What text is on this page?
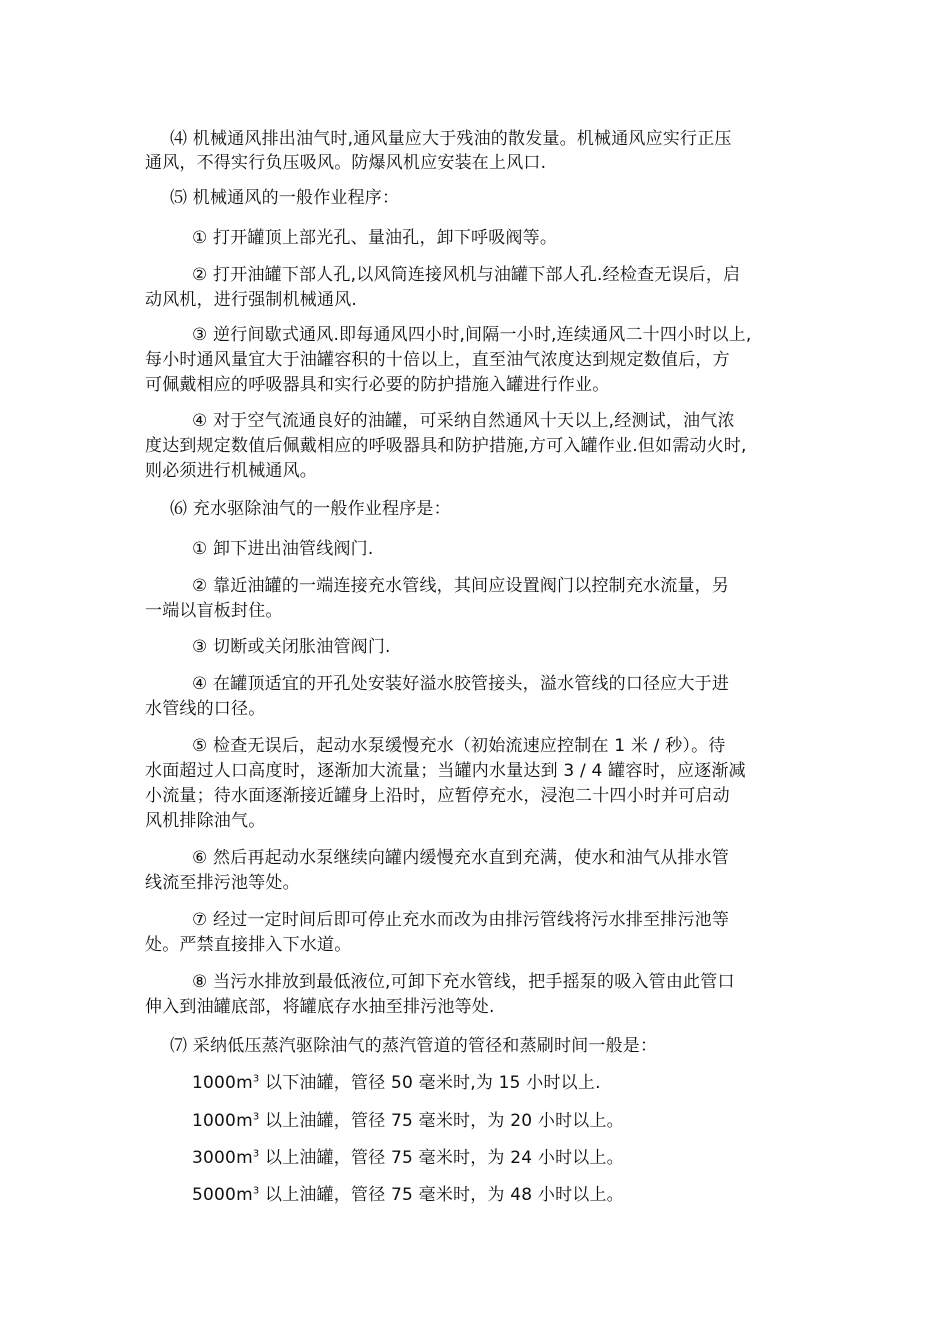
⑷ 机械通风排出油气时,通风量应大于残油的散发量。机械通风应实行正压
通风，不得实行负压吸风。防爆风机应安装在上风口.
⑸ 机械通风的一般作业程序：
① 打开罐顶上部光孔、量油孔，卸下呼吸阀等。
② 打开油罐下部人孔,以风筒连接风机与油罐下部人孔.经检查无误后，启
动风机，进行强制机械通风.
③ 逆行间歇式通风.即每通风四小时,间隔一小时,连续通风二十四小时以上,
每小时通风量宜大于油罐容积的十倍以上，直至油气浓度达到规定数值后，方
可佩戴相应的呼吸器具和实行必要的防护措施入罐进行作业。
④ 对于空气流通良好的油罐，可采纳自然通风十天以上,经测试，油气浓
度达到规定数值后佩戴相应的呼吸器具和防护措施,方可入罐作业.但如需动火时,
则必须进行机械通风。
⑹ 充水驱除油气的一般作业程序是：
① 卸下进出油管线阀门.
② 靠近油罐的一端连接充水管线，其间应设置阀门以控制充水流量，另
一端以盲板封住。
③ 切断或关闭胀油管阀门.
④ 在罐顶适宜的开孔处安装好溢水胶管接头，溢水管线的口径应大于进
水管线的口径。
⑤ 检查无误后，起动水泵缓慢充水（初始流速应控制在 1 米 / 秒）。待
水面超过人口高度时，逐渐加大流量；当罐内水量达到 3 / 4 罐容时，应逐渐减
小流量；待水面逐渐接近罐身上沿时，应暂停充水，浸泡二十四小时并可启动
风机排除油气。
⑥ 然后再起动水泵继续向罐内缓慢充水直到充满，使水和油气从排水管
线流至排污池等处。
⑦ 经过一定时间后即可停止充水而改为由排污管线将污水排至排污池等
处。严禁直接排入下水道。
⑧ 当污水排放到最低液位,可卸下充水管线，把手摇泵的吸入管由此管口
伸入到油罐底部，将罐底存水抽至排污池等处.
⑺ 采纳低压蒸汽驱除油气的蒸汽管道的管径和蒸刷时间一般是：
$1000m^3$ 以下油罐，管径 50 毫米时,为 15 小时以上.
$1000m^3$ 以上油罐，管径 75 毫米时，为 20 小时以上。
$3000m^3$ 以上油罐，管径 75 毫米时，为 24 小时以上。
$5000m^3$ 以上油罐，管径 75 毫米时，为 48 小时以上。
